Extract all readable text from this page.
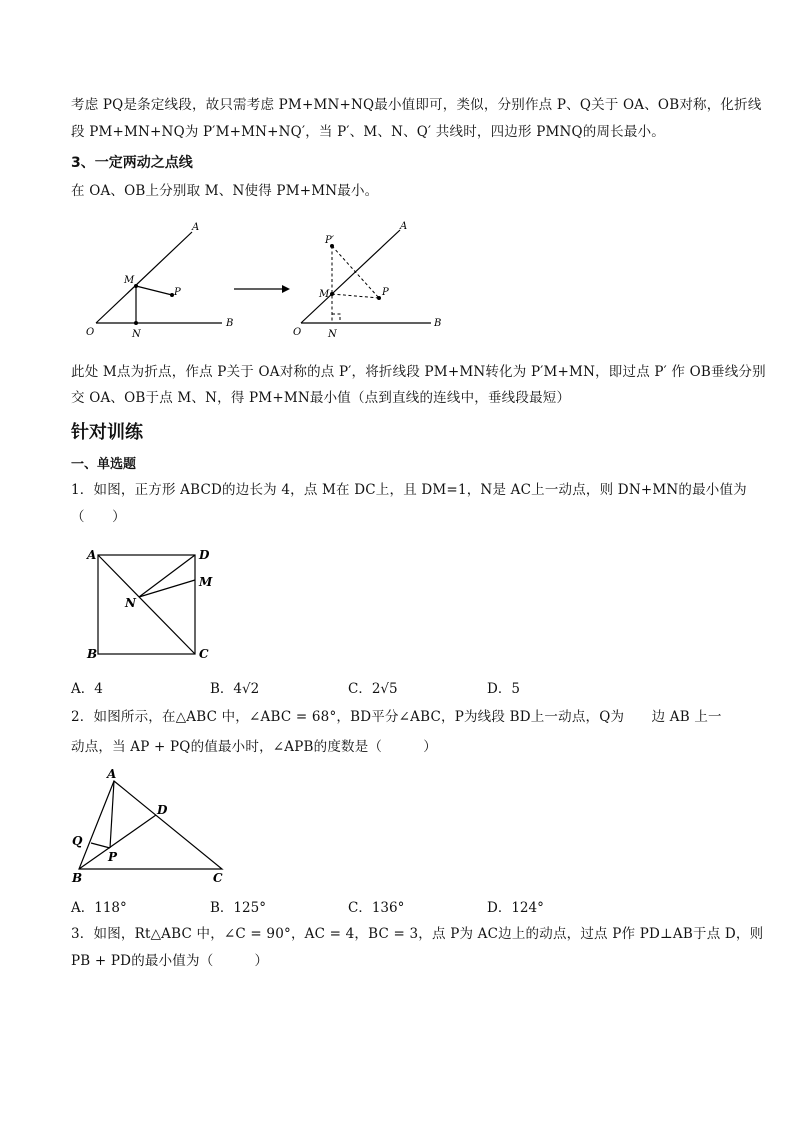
考虑 PQ是条定线段，故只需考虑 PM+MN+NQ最小值即可，类似，分别作点 P、Q关于 OA、OB对称，化折线
段 PM+MN+NQ为 P′M+MN+NQ′，当 P′、M、N、Q′ 共线时，四边形 PMNQ的周长最小。
3、一定两动之点线
在 OA、OB上分别取 M、N使得 PM+MN最小。
A
M
P
O	N
B
P′
A
M	P
O	N
B
此处 M点为折点，作点 P关于 OA对称的点 P′，将折线段 PM+MN转化为 P′M+MN，即过点 P′ 作 OB垂线分别
交 OA、OB于点 M、N，得 PM+MN最小值（点到直线的连线中，垂线段最短）
针对训练
一、单选题
1．如图，正方形 ABCD的边长为 4，点 M在 DC上，且 DM=1，N是 AC上一动点，则 DN+MN的最小值为
（　　）
A	D
M
N
B	C
A．4	B．4√2	C．2√5	D．5
2．如图所示，在△ABC 中，∠ABC = 68°，BD平分∠ABC，P为线段 BD上一动点，Q为　　边 AB 上一
动点，当 AP + PQ的值最小时，∠APB的度数是（　　　）
A
D
Q
P
B	C
A．118°	B．125°	C．136°	D．124°
3．如图，Rt△ABC 中，∠C = 90°，AC = 4，BC = 3，点 P为 AC边上的动点，过点 P作 PD⊥AB于点 D，则
PB + PD的最小值为（　　　）
